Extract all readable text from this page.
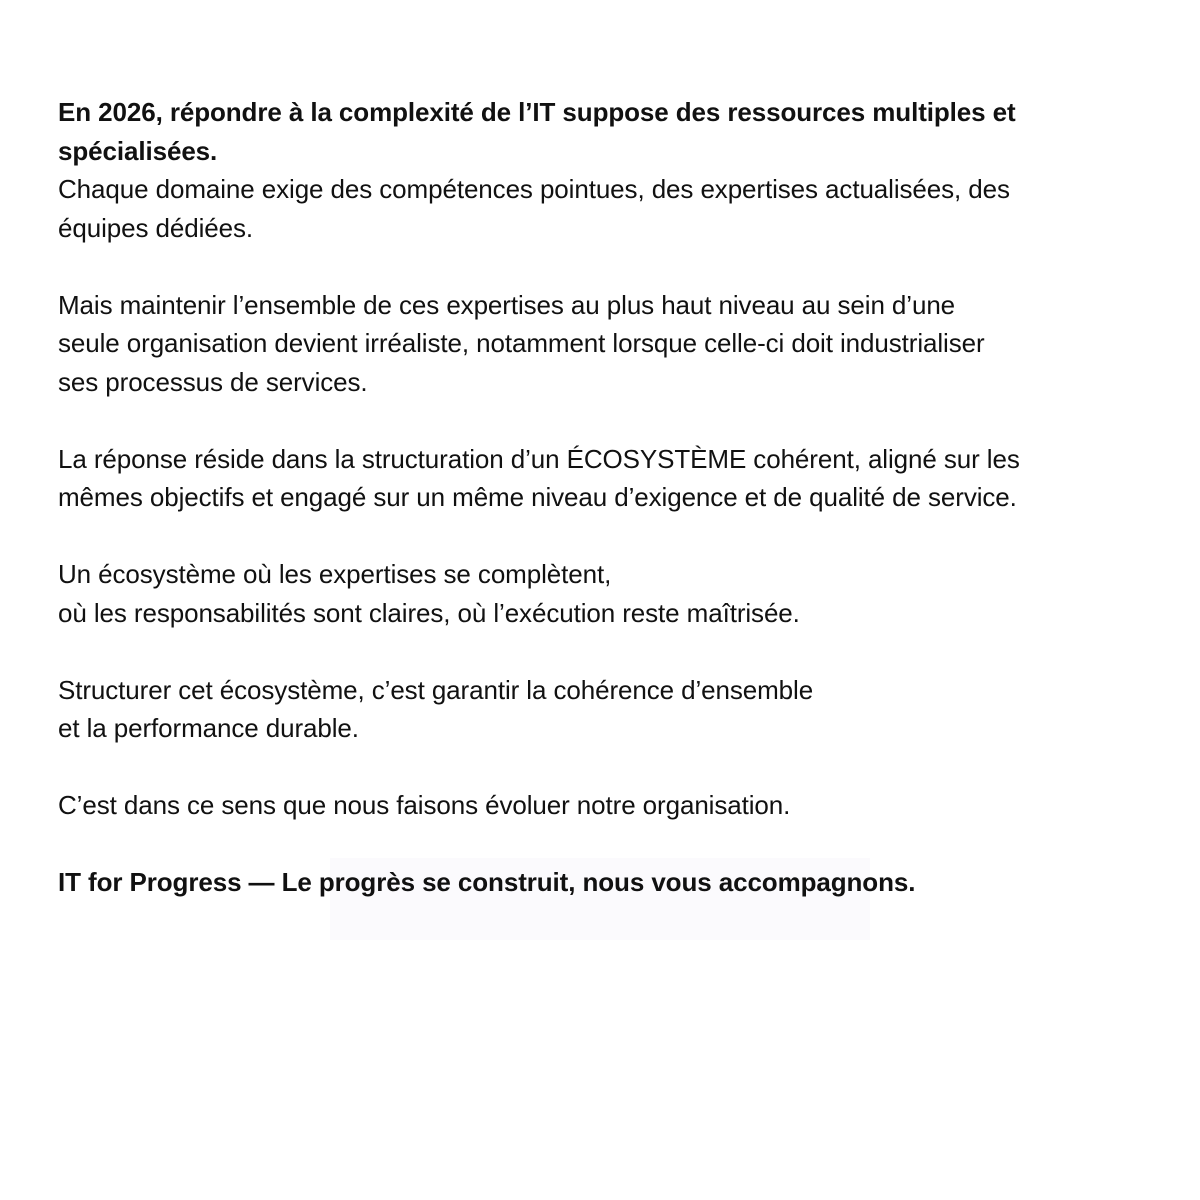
En 2026, répondre à la complexité de l’IT suppose des ressources multiples et
spécialisées.
Chaque domaine exige des compétences pointues, des expertises actualisées, des
équipes dédiées.

Mais maintenir l’ensemble de ces expertises au plus haut niveau au sein d’une
seule organisation devient irréaliste, notamment lorsque celle-ci doit industrialiser
ses processus de services.

La réponse réside dans la structuration d’un ÉCOSYSTÈME cohérent, aligné sur les
mêmes objectifs et engagé sur un même niveau d’exigence et de qualité de service.

Un écosystème où les expertises se complètent,
où les responsabilités sont claires, où l’exécution reste maîtrisée.

Structurer cet écosystème, c’est garantir la cohérence d’ensemble
et la performance durable.

C’est dans ce sens que nous faisons évoluer notre organisation.

IT for Progress — Le progrès se construit, nous vous accompagnons.
